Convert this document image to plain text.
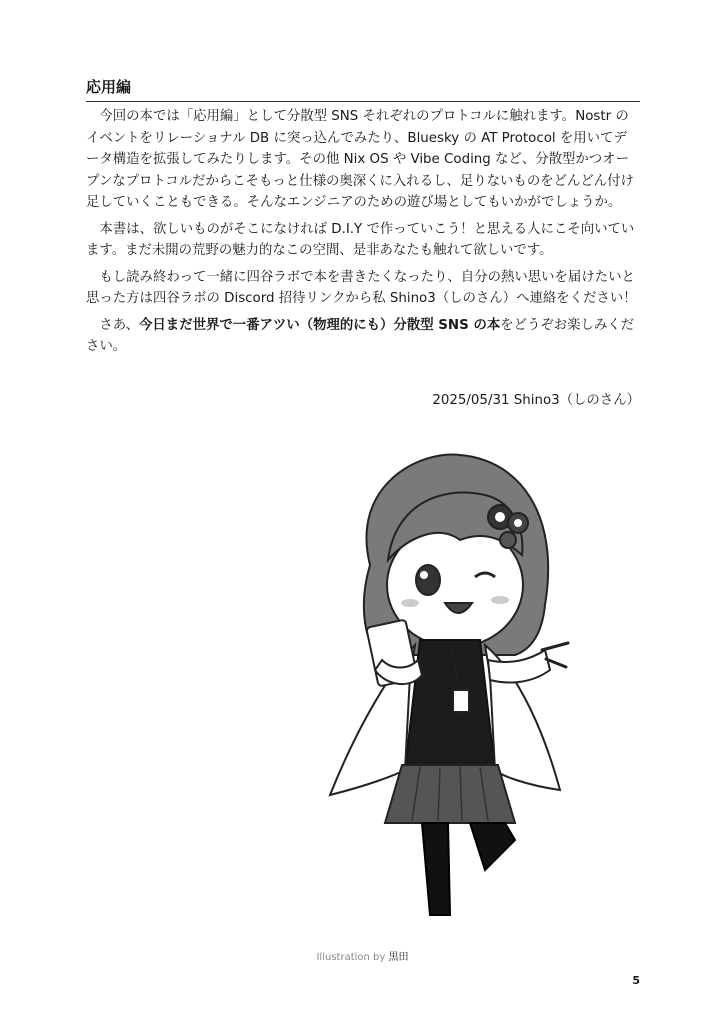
応用編

今回の本では「応用編」として分散型 SNS それぞれのプロトコルに触れます。Nostr のイベントをリレーショナル DB に突っ込んでみたり、Bluesky の AT Protocol を用いてデータ構造を拡張してみたりします。その他 Nix OS や Vibe Coding など、分散型かつオープンなプロトコルだからこそもっと仕様の奥深くに入れるし、足りないものをどんどん付け足していくこともできる。そんなエンジニアのための遊び場としてもいかがでしょうか。

本書は、欲しいものがそこになければ D.I.Y で作っていこう！と思える人にこそ向いています。まだ未開の荒野の魅力的なこの空間、是非あなたも触れて欲しいです。

もし読み終わって一緒に四谷ラボで本を書きたくなったり、自分の熱い思いを届けたいと思った方は四谷ラボの Discord 招待リンクから私 Shino3（しのさん）へ連絡をください！

さあ、今日まだ世界で一番アツい（物理的にも）分散型 SNS の本をどうぞお楽しみください。

2025/05/31 Shino3（しのさん）
Illustration by 黒田
5
